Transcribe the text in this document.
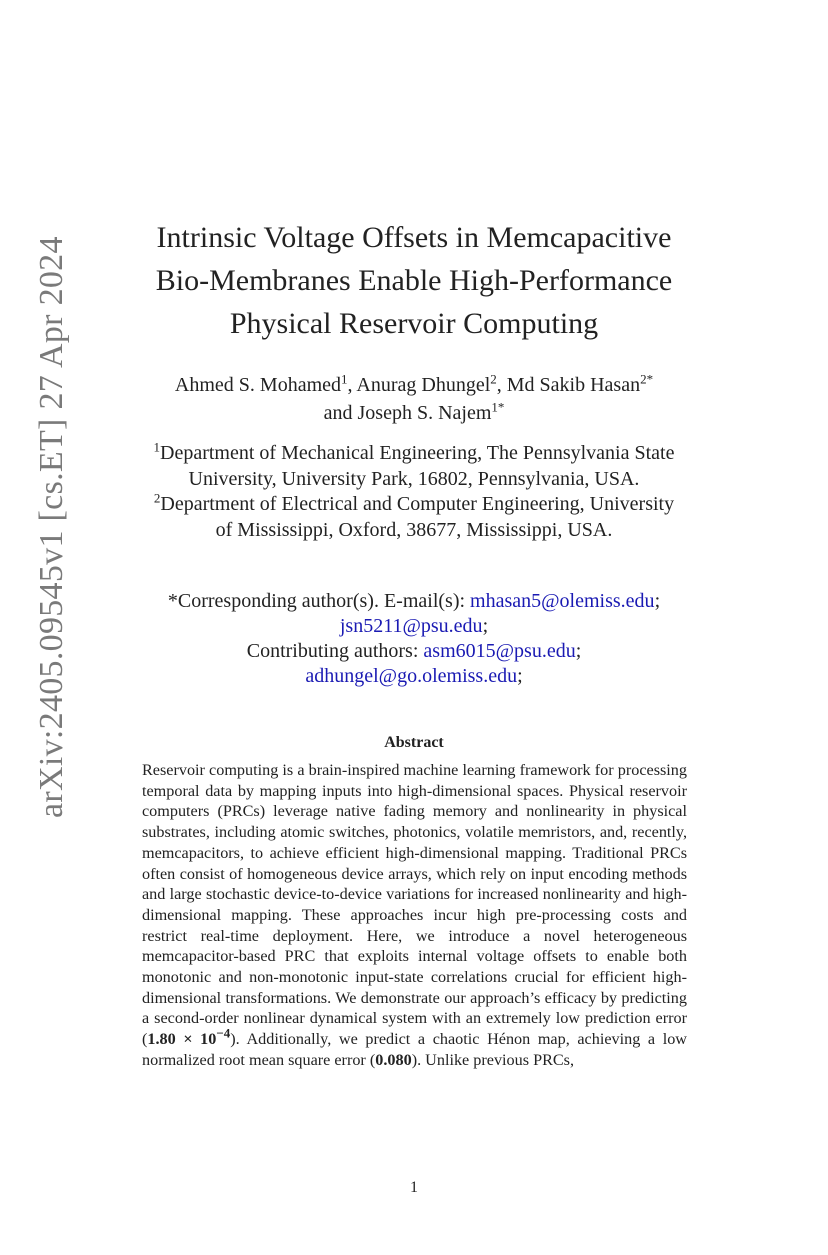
arXiv:2405.09545v1 [cs.ET] 27 Apr 2024	Intrinsic Voltage Offsets in Memcapacitive
Bio-Membranes Enable High-Performance
Physical Reservoir Computing
Ahmed S. Mohamed$^1$, Anurag Dhungel$^2$, Md Sakib Hasan$^{2*}$
and Joseph S. Najem$^{1*}$
$^1$Department of Mechanical Engineering, The Pennsylvania State
University, University Park, 16802, Pennsylvania, USA.
$^2$Department of Electrical and Computer Engineering, University
of Mississippi, Oxford, 38677, Mississippi, USA.
*Corresponding author(s). E-mail(s): mhasan5@olemiss.edu;
jsn5211@psu.edu;
Contributing authors: asm6015@psu.edu;
adhungel@go.olemiss.edu;
Abstract
Reservoir computing is a brain-inspired machine learning framework for processing temporal data by mapping inputs into high-dimensional spaces. Physical reservoir computers (PRCs) leverage native fading memory and nonlinearity in physical substrates, including atomic switches, photonics, volatile memristors, and, recently, memcapacitors, to achieve efficient high-dimensional mapping. Traditional PRCs often consist of homogeneous device arrays, which rely on input encoding methods and large stochastic device-to-device variations for increased nonlinearity and high-dimensional mapping. These approaches incur high pre-processing costs and restrict real-time deployment. Here, we introduce a novel heterogeneous memcapacitor-based PRC that exploits internal voltage offsets to enable both monotonic and non-monotonic input-state correlations crucial for efficient high-dimensional transformations. We demonstrate our approach’s efficacy by predicting a second-order nonlinear dynamical system with an extremely low prediction error $(1.80 \times 10^{-4})$. Additionally, we predict a chaotic Hénon map, achieving a low normalized root mean square error (0.080). Unlike previous PRCs,
1
